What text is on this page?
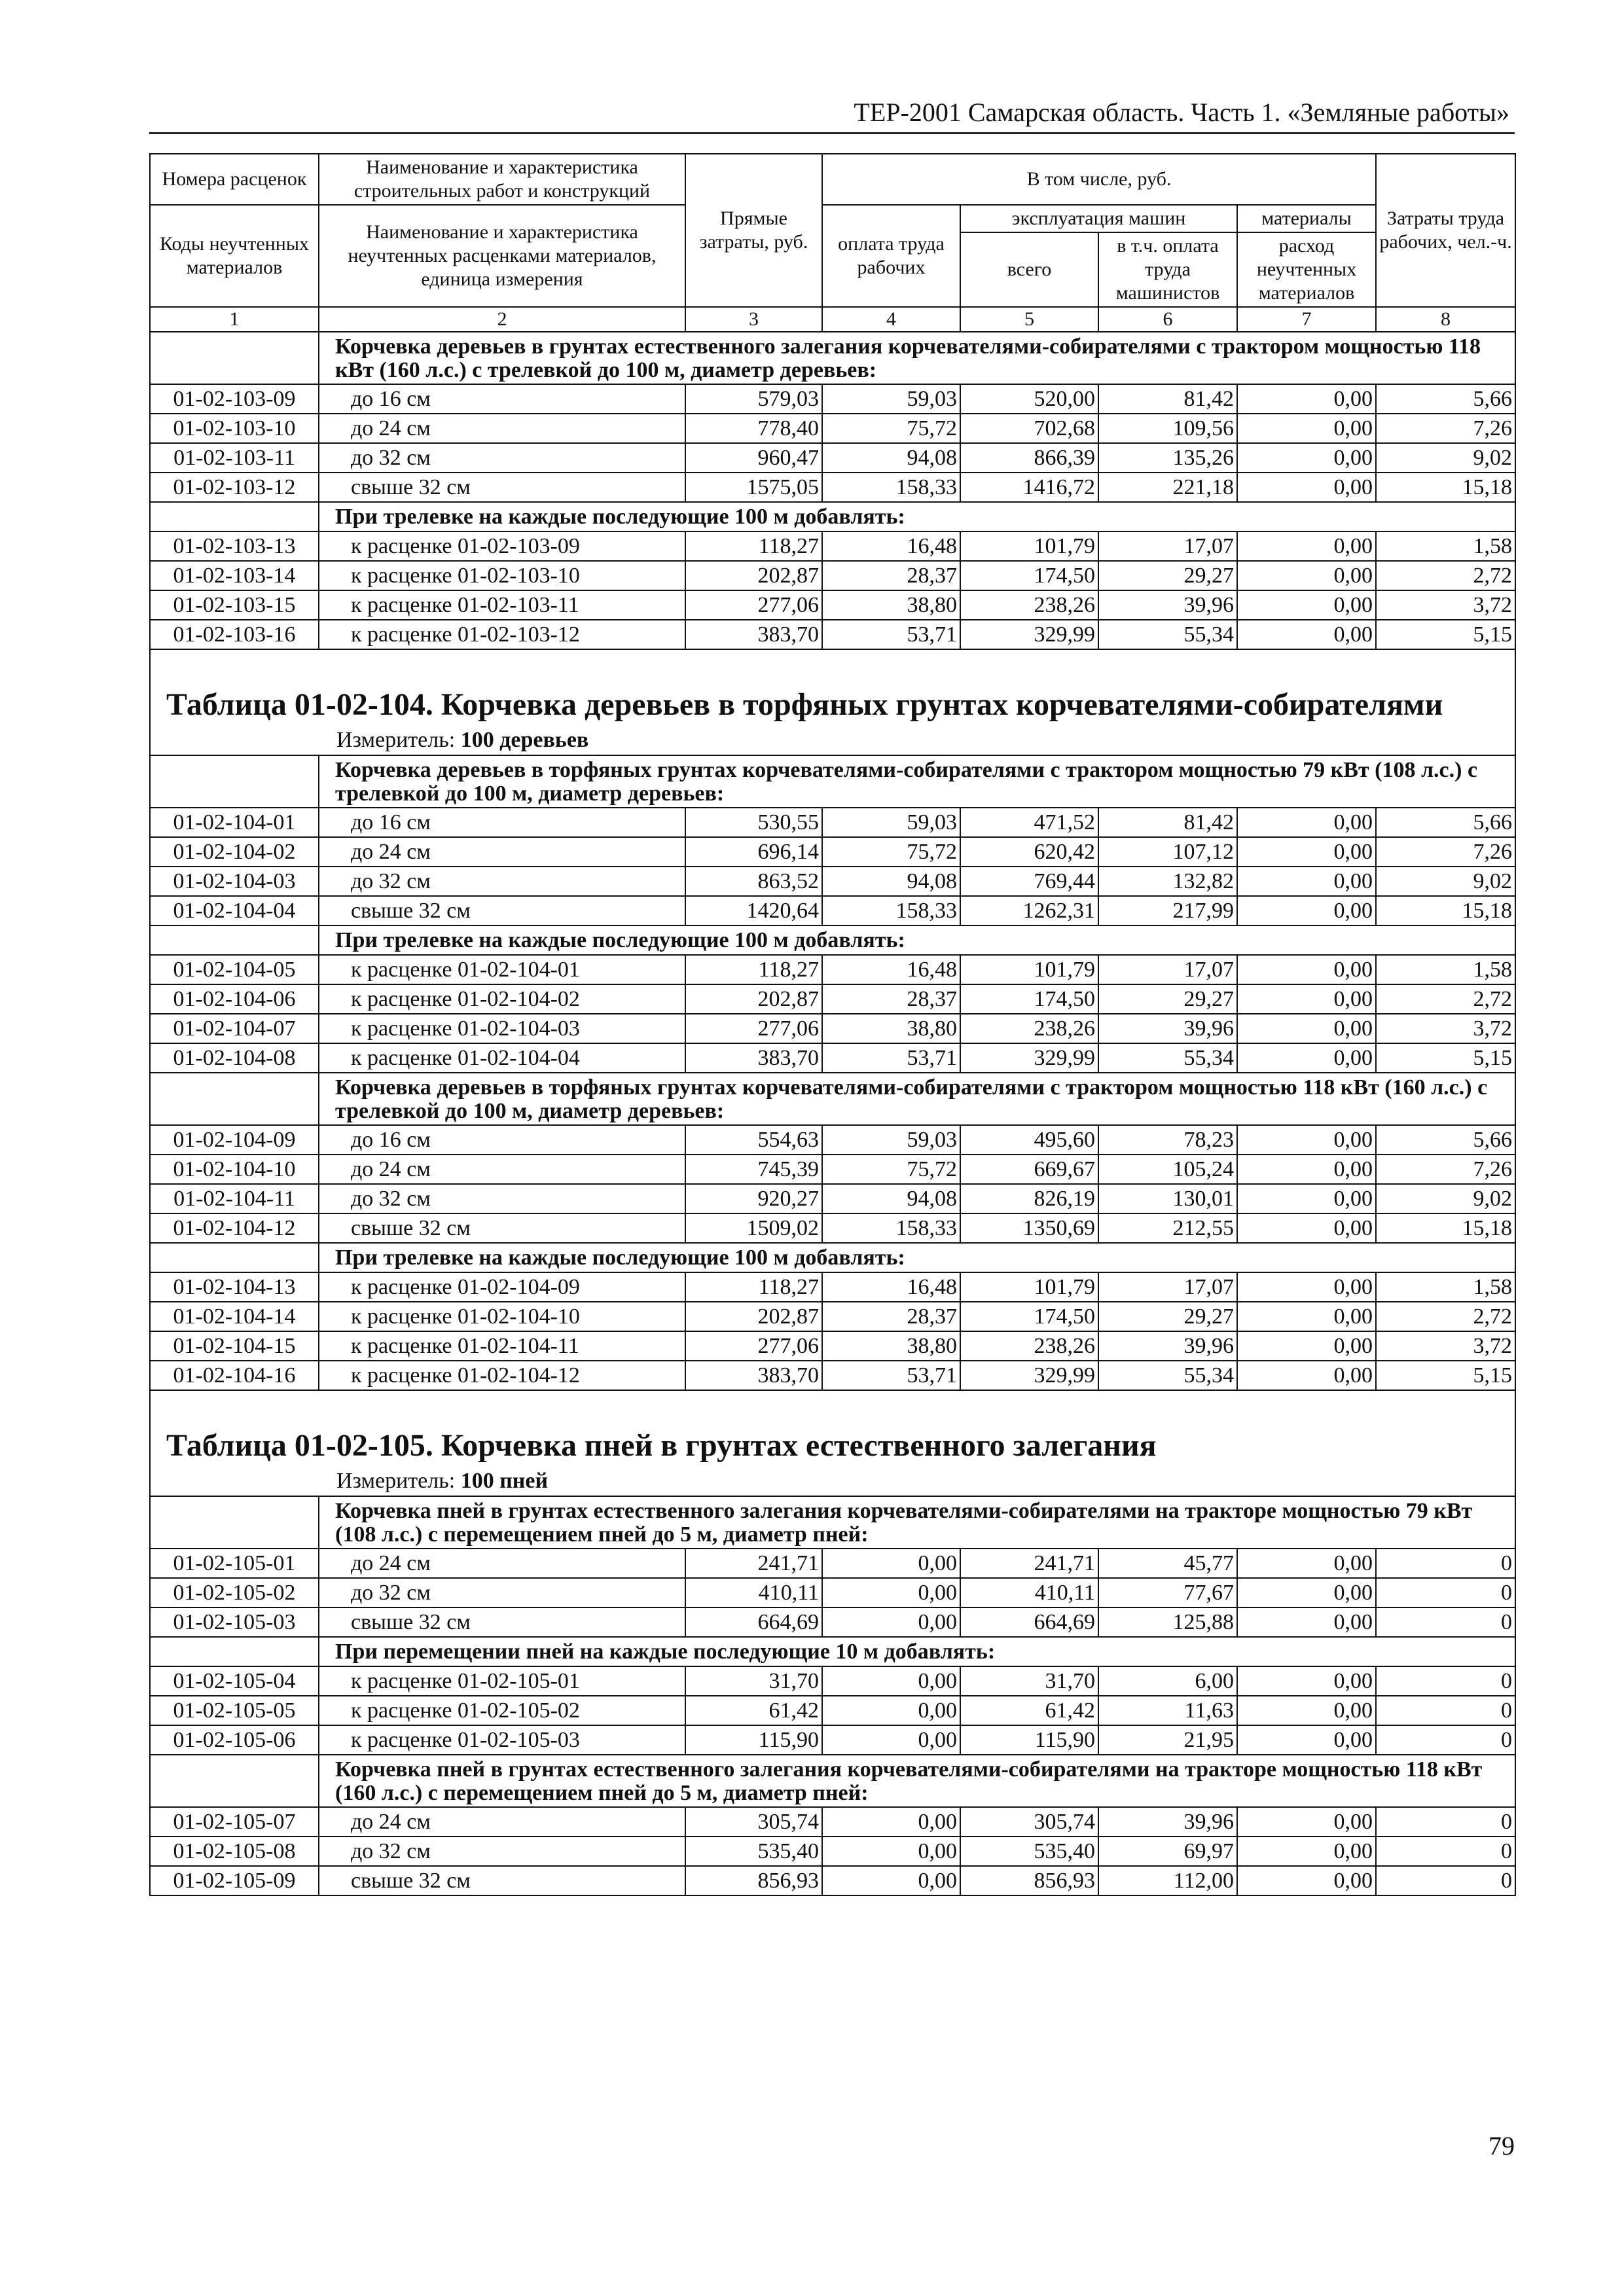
ТЕР-2001 Самарская область. Часть 1. «Земляные работы»
Номера расценок	Наименование и характеристика строительных работ и конструкций	Прямые затраты, руб.	В том числе, руб.				Затраты труда рабочих, чел.-ч.
Коды неучтенных материалов	Наименование и характеристика неучтенных расценками материалов, единица измерения		оплата труда рабочих	эксплуатация машин		материалы	
				всего	в т.ч. оплата труда машинистов	расход неучтенных материалов	
1	2	3	4	5	6	7	8
	Корчевка деревьев в грунтах естественного залегания корчевателями-собирателями с трактором мощностью 118 кВт (160 л.с.) с трелевкой до 100 м, диаметр деревьев:						
01-02-103-09	до 16 см	579,03	59,03	520,00	81,42	0,00	5,66
01-02-103-10	до 24 см	778,40	75,72	702,68	109,56	0,00	7,26
01-02-103-11	до 32 см	960,47	94,08	866,39	135,26	0,00	9,02
01-02-103-12	свыше 32 см	1575,05	158,33	1416,72	221,18	0,00	15,18
	При трелевке на каждые последующие 100 м добавлять:						
01-02-103-13	к расценке 01-02-103-09	118,27	16,48	101,79	17,07	0,00	1,58
01-02-103-14	к расценке 01-02-103-10	202,87	28,37	174,50	29,27	0,00	2,72
01-02-103-15	к расценке 01-02-103-11	277,06	38,80	238,26	39,96	0,00	3,72
01-02-103-16	к расценке 01-02-103-12	383,70	53,71	329,99	55,34	0,00	5,15

Таблица 01-02-104. Корчевка деревьев в торфяных грунтах корчевателями-собирателями							
Измеритель: 100 деревьев							
	Корчевка деревьев в торфяных грунтах корчевателями-собирателями с трактором мощностью 79 кВт (108 л.с.) с трелевкой до 100 м, диаметр деревьев:						
01-02-104-01	до 16 см	530,55	59,03	471,52	81,42	0,00	5,66
01-02-104-02	до 24 см	696,14	75,72	620,42	107,12	0,00	7,26
01-02-104-03	до 32 см	863,52	94,08	769,44	132,82	0,00	9,02
01-02-104-04	свыше 32 см	1420,64	158,33	1262,31	217,99	0,00	15,18
	При трелевке на каждые последующие 100 м добавлять:						
01-02-104-05	к расценке 01-02-104-01	118,27	16,48	101,79	17,07	0,00	1,58
01-02-104-06	к расценке 01-02-104-02	202,87	28,37	174,50	29,27	0,00	2,72
01-02-104-07	к расценке 01-02-104-03	277,06	38,80	238,26	39,96	0,00	3,72
01-02-104-08	к расценке 01-02-104-04	383,70	53,71	329,99	55,34	0,00	5,15
	Корчевка деревьев в торфяных грунтах корчевателями-собирателями с трактором мощностью 118 кВт (160 л.с.) с трелевкой до 100 м, диаметр деревьев:						
01-02-104-09	до 16 см	554,63	59,03	495,60	78,23	0,00	5,66
01-02-104-10	до 24 см	745,39	75,72	669,67	105,24	0,00	7,26
01-02-104-11	до 32 см	920,27	94,08	826,19	130,01	0,00	9,02
01-02-104-12	свыше 32 см	1509,02	158,33	1350,69	212,55	0,00	15,18
	При трелевке на каждые последующие 100 м добавлять:						
01-02-104-13	к расценке 01-02-104-09	118,27	16,48	101,79	17,07	0,00	1,58
01-02-104-14	к расценке 01-02-104-10	202,87	28,37	174,50	29,27	0,00	2,72
01-02-104-15	к расценке 01-02-104-11	277,06	38,80	238,26	39,96	0,00	3,72
01-02-104-16	к расценке 01-02-104-12	383,70	53,71	329,99	55,34	0,00	5,15

Таблица 01-02-105. Корчевка пней в грунтах естественного залегания							
Измеритель: 100 пней							
	Корчевка пней в грунтах естественного залегания корчевателями-собирателями на тракторе мощностью 79 кВт (108 л.с.) с перемещением пней до 5 м, диаметр пней:						
01-02-105-01	до 24 см	241,71	0,00	241,71	45,77	0,00	0
01-02-105-02	до 32 см	410,11	0,00	410,11	77,67	0,00	0
01-02-105-03	свыше 32 см	664,69	0,00	664,69	125,88	0,00	0
	При перемещении пней на каждые последующие 10 м добавлять:						
01-02-105-04	к расценке 01-02-105-01	31,70	0,00	31,70	6,00	0,00	0
01-02-105-05	к расценке 01-02-105-02	61,42	0,00	61,42	11,63	0,00	0
01-02-105-06	к расценке 01-02-105-03	115,90	0,00	115,90	21,95	0,00	0
	Корчевка пней в грунтах естественного залегания корчевателями-собирателями на тракторе мощностью 118 кВт (160 л.с.) с перемещением пней до 5 м, диаметр пней:						
01-02-105-07	до 24 см	305,74	0,00	305,74	39,96	0,00	0
01-02-105-08	до 32 см	535,40	0,00	535,40	69,97	0,00	0
01-02-105-09	свыше 32 см	856,93	0,00	856,93	112,00	0,00	0
79
